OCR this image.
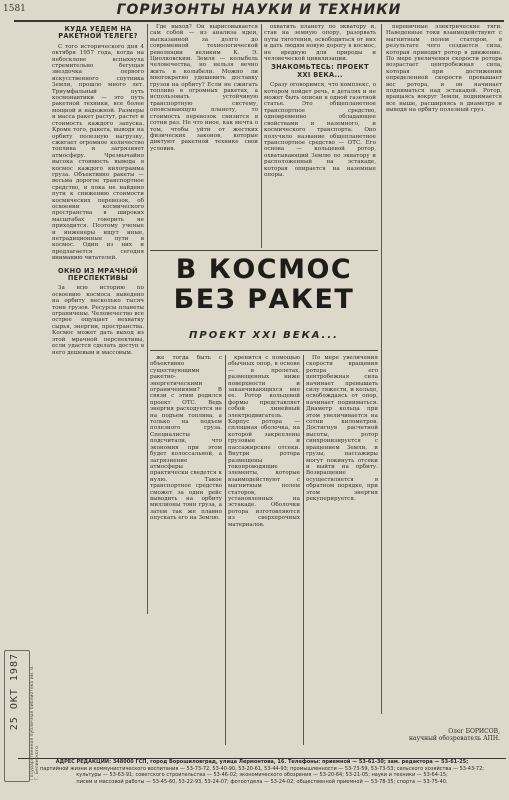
1581	ГОРИЗОНТЫ НАУКИ И ТЕХНИКИ
КУДА УЕДЕМ НА РАКЕТНОЙ ТЕЛЕГЕ?

С того исторического дня 4 октября 1957 года, когда на небосклоне вспыхнула стремительно бегущая звездочка первого искусственного спутника Земли, прошло много лет. Триумфальный путь космонавтики — это путь ракетной техники, все более мощной и надежной. Размеры и масса ракет растут, растет и стоимость каждого запуска. Кроме того, ракета, выводя на орбиту полезную нагрузку, сжигает огромное количество топлива и загрязняет атмосферу. Чрезвычайно высока стоимость вывода в космос каждого килограмма груза. Объективно ракеты — весьма дорогое транспортное средство, и пока не найдено пути к снижению стоимости космических перевозок, об освоении космического пространства в широких масштабах говорить не приходится. Поэтому ученые и инженеры ищут иные, нетрадиционные пути в космос. Один из них и предлагается сегодня вниманию читателей.

ОКНО ИЗ МРАЧНОЙ ПЕРСПЕКТИВЫ

За всю историю по освоению космоса выведено на орбиту несколько тысяч тонн грузов. Ресурсы планеты ограничены. Человечество все острее ощущает нехватку сырья, энергии, пространства. Космос может дать выход из этой мрачной перспективы, если удастся сделать доступ в него дешевым и массовым.

Где выход? Он вырисовывается сам собой — из анализа идеи, высказанной за долго до современной технологической революции великим К. Э. Циолковским. Земля — колыбель человечества, но нельзя вечно жить в колыбели. Можно ли многократно удешевить доставку грузов на орбиту? Если не сжигать топливо в огромных ракетах, а использовать устойчивую транспортную систему, опоясывающую планету, то стоимость перевозок снизится в сотни раз. Не что иное, как мечта о том, чтобы уйти от жестких физических законов, которые диктуют ракетной технике свои условия.

охватить планету по экватору и, став на земную опору, разорвать путы тяготения, освободиться от них и дать людям новую дорогу в космос, не вредную для природы и человеческой цивилизации.

ЗНАКОМЬТЕСЬ: ПРОЕКТ XXI ВЕКА...

Сразу оговоримся, что комплекс, о котором пойдет речь, в деталях и не может быть описан в одной газетной статье. Это общепланетное транспортное средство, одновременно обладающее свойствами и наземного, и космического транспорта. Оно получило название общепланетное транспортное средство — ОТС. Его основа — кольцевой ротор, охватывающий Землю по экватору и расположенный на эстакаде, которая опирается на наземные опоры.

перевичные электрические тяги. Наведенные токи взаимодействуют с магнитным полем статоров, в результате чего создается сила, которая приводит ротор в движение. По мере увеличения скорости ротора возрастает центробежная сила, которая при достижении определенной скорости превышает вес ротора, и он начинает подниматься над эстакадой. Ротор, вращаясь вокруг Земли, поднимается все выше, расширяясь в диаметре и выводя на орбиту полезный груз.

В КОСМОС
БЕЗ РАКЕТ
ПРОЕКТ XXI ВЕКА...

же тогда быть с объективно существующими ракетно-энергетическими ограничениями? В связи с этим родился проект ОТС. Ведь энергия расходуется не на подъем топлива, а только на подъем полезного груза. Специалисты подсчитали, что экономия при этом будет колоссальной, а загрязнение атмосферы практически сведется к нулю. Такое транспортное средство сможет за один рейс выводить на орбиту миллионы тонн груза, а затем так же плавно опускать его на Землю.

кренится с помощью обычных опор, в основе — в пролетах, размещенных ниже поверхности и заканчивающихся вне ее. Ротор кольцевой формы представляет собой линейный электродвигатель. Корпус ротора — сплошная оболочка, на которой закреплены грузовые и пассажирские отсеки. Внутри ротора размещены токопроводящие элементы, которые взаимодействуют с магнитным полем статоров, установленных на эстакаде. Оболочки ротора изготовляются из сверхпрочных материалов.

По мере увеличения скорости вращения ротора его центробежная сила начинает превышать силу тяжести, и кольцо, освобождаясь от опор, начинает подниматься. Диаметр кольца при этом увеличивается на сотни километров. Достигнув расчетной высоты, ротор синхронизируется с вращением Земли, и грузы, пассажиры могут покинуть отсеки и выйти на орбиту. Возвращение осуществляется в обратном порядке, при этом энергия рекуперируется.

Олег БОРИСОВ,
научный обозреватель АПН.
25 ОКТ 1987 Государственная публичная библиотека им. В. Г. Белинского	АДРЕС РЕДАКЦИИ: 348000 ГСП, город Ворошиловград, улица Лермонтова, 16. Телефоны: приемной — 53-61-30; зам. редактора — 53-61-25;
партийной жизни и коммунистического воспитания — 53-73-72, 53-40-90, 53-20-61, 53-44-93; промышленности — 53-73-59, 53-73-53; сельского хозяйства — 53-43-72;
культуры — 53-63-91; советского строительства — 53-46-02; экономического обозрения — 53-20-64; 53-21-05; науки и техники — 53-64-15;
писем и массовой работы — 53-45-60, 53-22-93, 53-24-07; фотоотдела — 53-24-02; общественной приемной — 53-78-35; спорта — 53-75-40.
